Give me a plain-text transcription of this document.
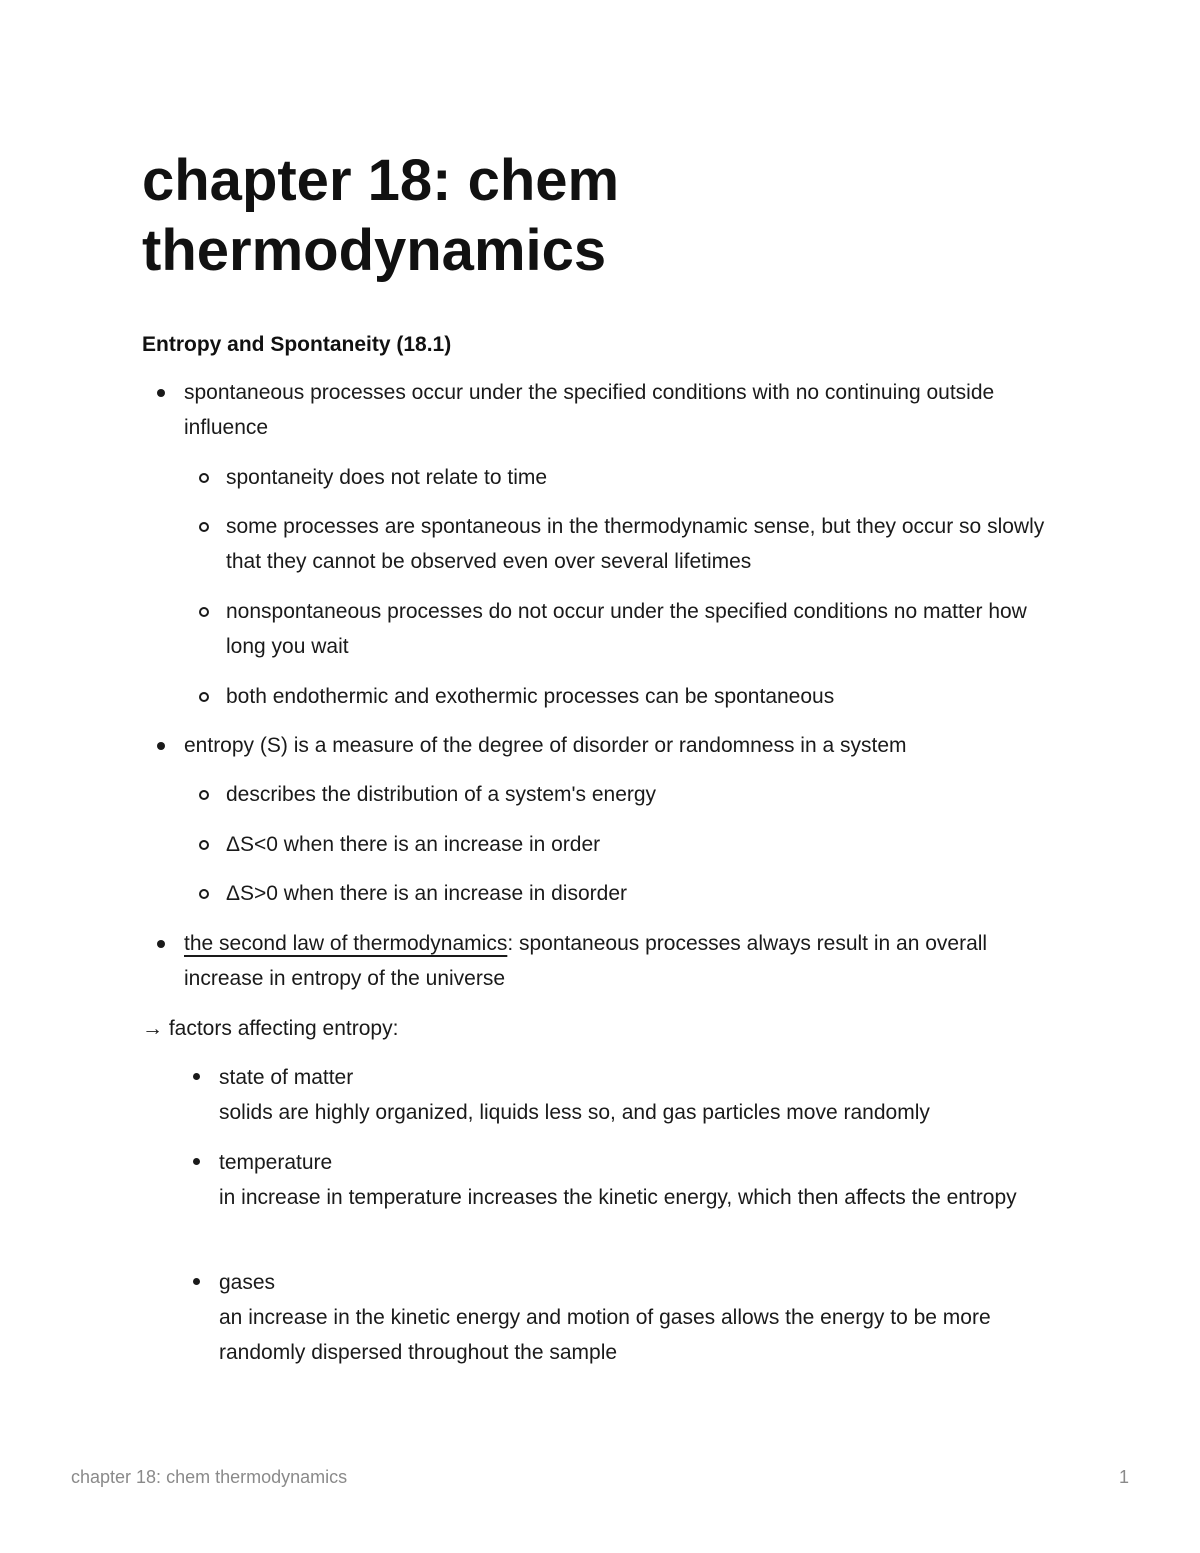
chapter 18: chem thermodynamics
Entropy and Spontaneity (18.1)

spontaneous processes occur under the specified conditions with no continuing outside influence

spontaneity does not relate to time

some processes are spontaneous in the thermodynamic sense, but they occur so slowly that they cannot be observed even over several lifetimes

nonspontaneous processes do not occur under the specified conditions no matter how long you wait

both endothermic and exothermic processes can be spontaneous

entropy (S) is a measure of the degree of disorder or randomness in a system

describes the distribution of a system's energy

ΔS<0 when there is an increase in order

ΔS>0 when there is an increase in disorder

the second law of thermodynamics: spontaneous processes always result in an overall increase in entropy of the universe

→ factors affecting entropy:

state of matter

solids are highly organized, liquids less so, and gas particles move randomly

temperature

in increase in temperature increases the kinetic energy, which then affects the entropy

gases

an increase in the kinetic energy and motion of gases allows the energy to be more randomly dispersed throughout the sample

chapter 18: chem thermodynamics	1
